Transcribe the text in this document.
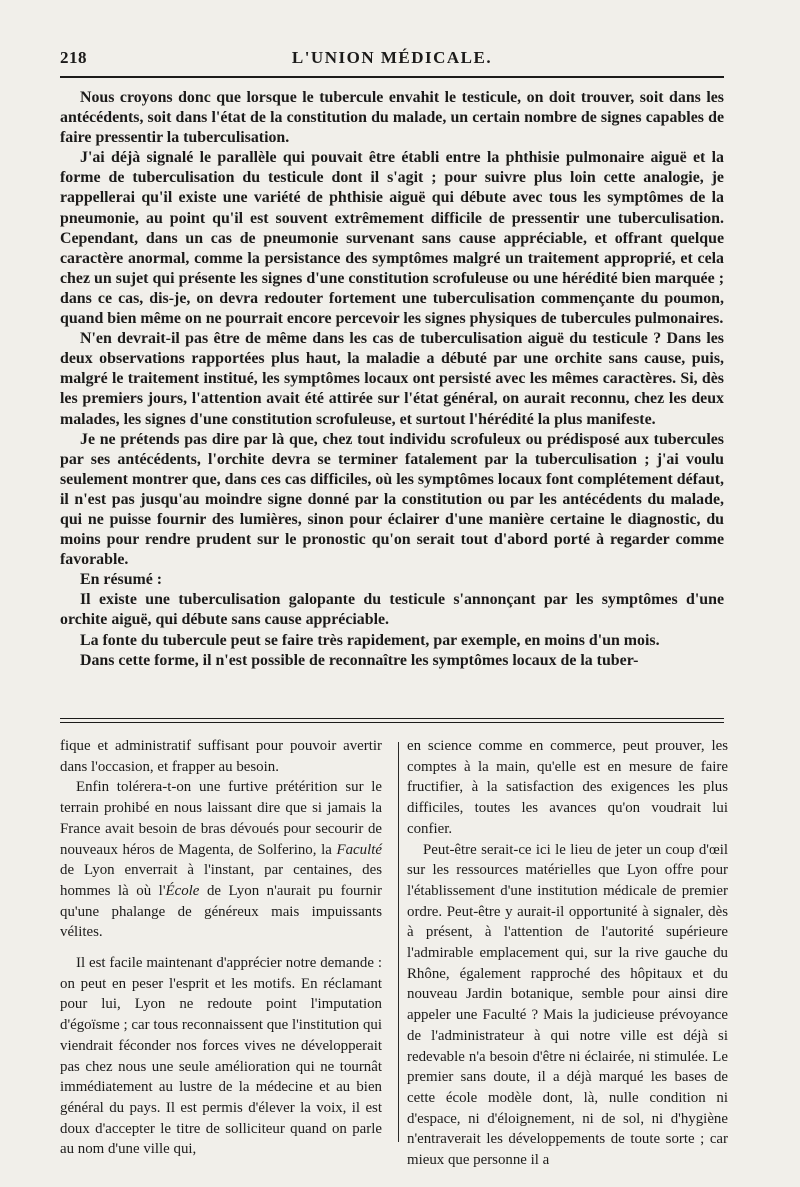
218	L'UNION MÉDICALE.

Nous croyons donc que lorsque le tubercule envahit le testicule, on doit trouver, soit dans les antécédents, soit dans l'état de la constitution du malade, un certain nombre de signes capables de faire pressentir la tuberculisation.

J'ai déjà signalé le parallèle qui pouvait être établi entre la phthisie pulmonaire aiguë et la forme de tuberculisation du testicule dont il s'agit ; pour suivre plus loin cette analogie, je rappellerai qu'il existe une variété de phthisie aiguë qui débute avec tous les symptômes de la pneumonie, au point qu'il est souvent extrêmement difficile de pressentir une tuberculisation. Cependant, dans un cas de pneumonie survenant sans cause appréciable, et offrant quelque caractère anormal, comme la persistance des symptômes malgré un traitement approprié, et cela chez un sujet qui présente les signes d'une constitution scrofuleuse ou une hérédité bien marquée ; dans ce cas, dis-je, on devra redouter fortement une tuberculisation commençante du poumon, quand bien même on ne pourrait encore percevoir les signes physiques de tubercules pulmonaires.

N'en devrait-il pas être de même dans les cas de tuberculisation aiguë du testicule ? Dans les deux observations rapportées plus haut, la maladie a débuté par une orchite sans cause, puis, malgré le traitement institué, les symptômes locaux ont persisté avec les mêmes caractères. Si, dès les premiers jours, l'attention avait été attirée sur l'état général, on aurait reconnu, chez les deux malades, les signes d'une constitution scrofuleuse, et surtout l'hérédité la plus manifeste.

Je ne prétends pas dire par là que, chez tout individu scrofuleux ou prédisposé aux tubercules par ses antécédents, l'orchite devra se terminer fatalement par la tuberculisation ; j'ai voulu seulement montrer que, dans ces cas difficiles, où les symptômes locaux font complétement défaut, il n'est pas jusqu'au moindre signe donné par la constitution ou par les antécédents du malade, qui ne puisse fournir des lumières, sinon pour éclairer d'une manière certaine le diagnostic, du moins pour rendre prudent sur le pronostic qu'on serait tout d'abord porté à regarder comme favorable.

En résumé :

Il existe une tuberculisation galopante du testicule s'annonçant par les symptômes d'une orchite aiguë, qui débute sans cause appréciable.

La fonte du tubercule peut se faire très rapidement, par exemple, en moins d'un mois.

Dans cette forme, il n'est possible de reconnaître les symptômes locaux de la tuber-

fique et administratif suffisant pour pouvoir avertir dans l'occasion, et frapper au besoin.

Enfin tolérera-t-on une furtive prétérition sur le terrain prohibé en nous laissant dire que si jamais la France avait besoin de bras dévoués pour secourir de nouveaux héros de Magenta, de Solferino, la Faculté de Lyon enverrait à l'instant, par centaines, des hommes là où l'École de Lyon n'aurait pu fournir qu'une phalange de généreux mais impuissants vélites.

Il est facile maintenant d'apprécier notre demande : on peut en peser l'esprit et les motifs. En réclamant pour lui, Lyon ne redoute point l'imputation d'égoïsme ; car tous reconnaissent que l'institution qui viendrait féconder nos forces vives ne développerait pas chez nous une seule amélioration qui ne tournât immédiatement au lustre de la médecine et au bien général du pays. Il est permis d'élever la voix, il est doux d'accepter le titre de solliciteur quand on parle au nom d'une ville qui,

en science comme en commerce, peut prouver, les comptes à la main, qu'elle est en mesure de faire fructifier, à la satisfaction des exigences les plus difficiles, toutes les avances qu'on voudrait lui confier.

Peut-être serait-ce ici le lieu de jeter un coup d'œil sur les ressources matérielles que Lyon offre pour l'établissement d'une institution médicale de premier ordre. Peut-être y aurait-il opportunité à signaler, dès à présent, à l'attention de l'autorité supérieure l'admirable emplacement qui, sur la rive gauche du Rhône, également rapproché des hôpitaux et du nouveau Jardin botanique, semble pour ainsi dire appeler une Faculté ? Mais la judicieuse prévoyance de l'administrateur à qui notre ville est déjà si redevable n'a besoin d'être ni éclairée, ni stimulée. Le premier sans doute, il a déjà marqué les bases de cette école modèle dont, là, nulle condition ni d'espace, ni d'éloignement, ni de sol, ni d'hygiène n'entraverait les développements de toute sorte ; car mieux que personne il a
